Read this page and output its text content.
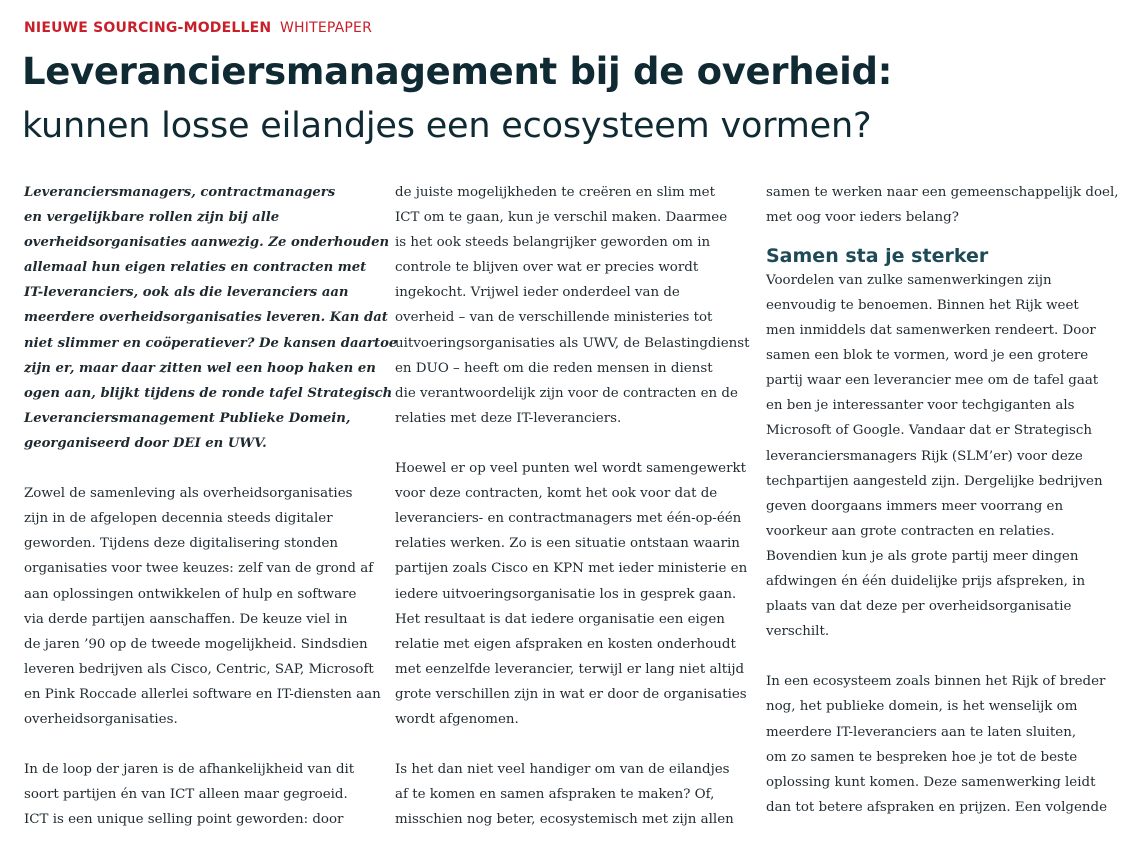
NIEUWE SOURCING-MODELLEN WHITEPAPER
Leveranciersmanagement bij de overheid:
kunnen losse eilandjes een ecosysteem vormen?
Leveranciersmanagers, contractmanagers
en vergelijkbare rollen zijn bij alle
overheidsorganisaties aanwezig. Ze onderhouden
allemaal hun eigen relaties en contracten met
IT-leveranciers, ook als die leveranciers aan
meerdere overheidsorganisaties leveren. Kan dat
niet slimmer en coöperatiever? De kansen daartoe
zijn er, maar daar zitten wel een hoop haken en
ogen aan, blijkt tijdens de ronde tafel Strategisch
Leveranciersmanagement Publieke Domein,
georganiseerd door DEI en UWV.
Zowel de samenleving als overheidsorganisaties
zijn in de afgelopen decennia steeds digitaler
geworden. Tijdens deze digitalisering stonden
organisaties voor twee keuzes: zelf van de grond af
aan oplossingen ontwikkelen of hulp en software
via derde partijen aanschaffen. De keuze viel in
de jaren ’90 op de tweede mogelijkheid. Sindsdien
leveren bedrijven als Cisco, Centric, SAP, Microsoft
en Pink Roccade allerlei software en IT-diensten aan
overheidsorganisaties.
In de loop der jaren is de afhankelijkheid van dit
soort partijen én van ICT alleen maar gegroeid.
ICT is een unique selling point geworden: door
de juiste mogelijkheden te creëren en slim met
ICT om te gaan, kun je verschil maken. Daarmee
is het ook steeds belangrijker geworden om in
controle te blijven over wat er precies wordt
ingekocht. Vrijwel ieder onderdeel van de
overheid – van de verschillende ministeries tot
uitvoeringsorganisaties als UWV, de Belastingdienst
en DUO – heeft om die reden mensen in dienst
die verantwoordelijk zijn voor de contracten en de
relaties met deze IT-leveranciers.
Hoewel er op veel punten wel wordt samengewerkt
voor deze contracten, komt het ook voor dat de
leveranciers- en contractmanagers met één-op-één
relaties werken. Zo is een situatie ontstaan waarin
partijen zoals Cisco en KPN met ieder ministerie en
iedere uitvoeringsorganisatie los in gesprek gaan.
Het resultaat is dat iedere organisatie een eigen
relatie met eigen afspraken en kosten onderhoudt
met eenzelfde leverancier, terwijl er lang niet altijd
grote verschillen zijn in wat er door de organisaties
wordt afgenomen.
Is het dan niet veel handiger om van de eilandjes
af te komen en samen afspraken te maken? Of,
misschien nog beter, ecosystemisch met zijn allen
samen te werken naar een gemeenschappelijk doel,
met oog voor ieders belang?
Samen sta je sterker
Voordelen van zulke samenwerkingen zijn
eenvoudig te benoemen. Binnen het Rijk weet
men inmiddels dat samenwerken rendeert. Door
samen een blok te vormen, word je een grotere
partij waar een leverancier mee om de tafel gaat
en ben je interessanter voor techgiganten als
Microsoft of Google. Vandaar dat er Strategisch
leveranciersmanagers Rijk (SLM’er) voor deze
techpartijen aangesteld zijn. Dergelijke bedrijven
geven doorgaans immers meer voorrang en
voorkeur aan grote contracten en relaties.
Bovendien kun je als grote partij meer dingen
afdwingen én één duidelijke prijs afspreken, in
plaats van dat deze per overheidsorganisatie
verschilt.
In een ecosysteem zoals binnen het Rijk of breder
nog, het publieke domein, is het wenselijk om
meerdere IT-leveranciers aan te laten sluiten,
om zo samen te bespreken hoe je tot de beste
oplossing kunt komen. Deze samenwerking leidt
dan tot betere afspraken en prijzen. Een volgende
